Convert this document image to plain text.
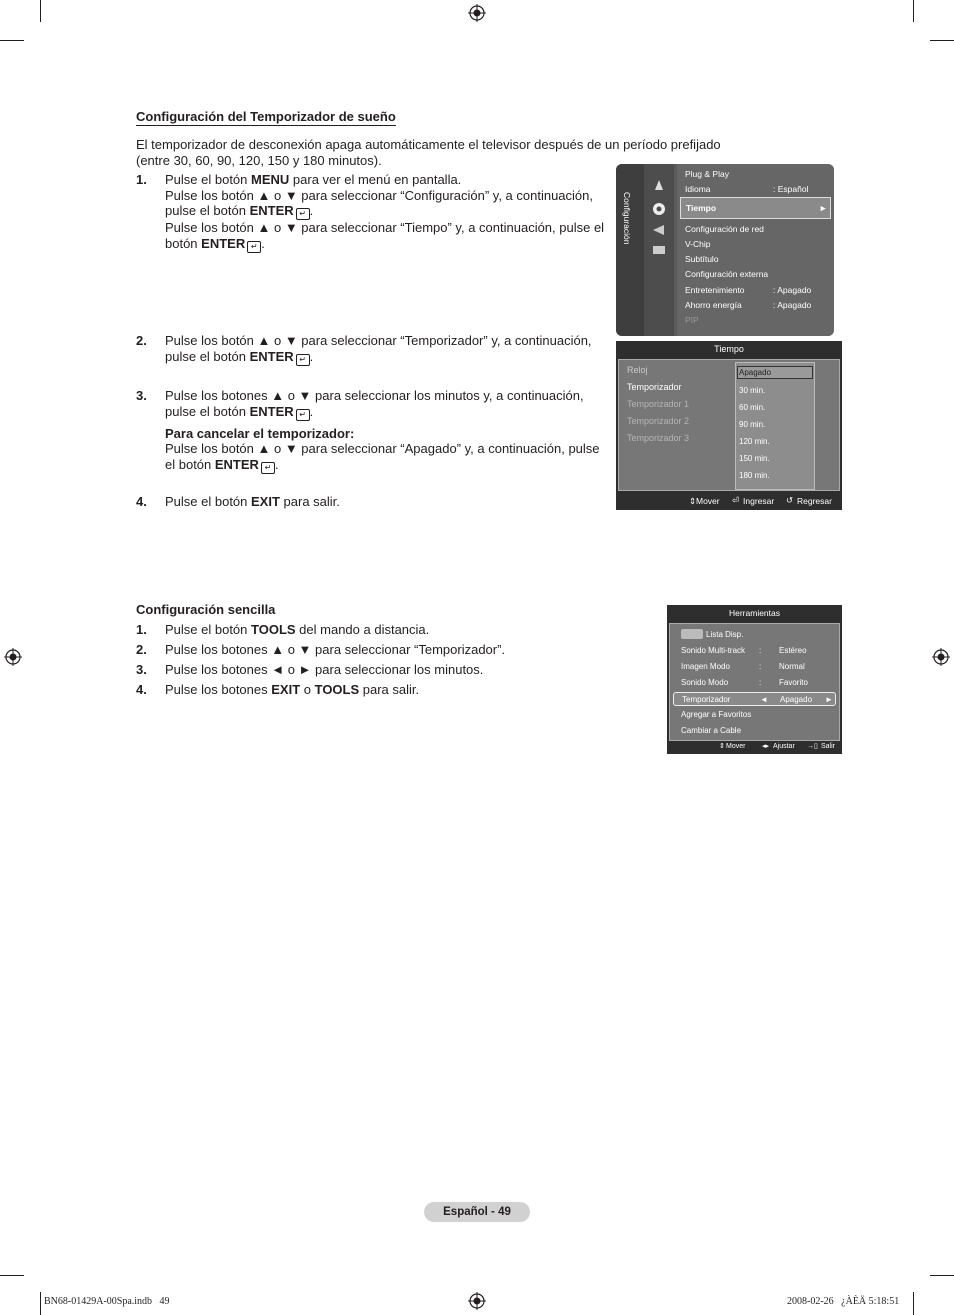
Configuración del Temporizador de sueño
El temporizador de desconexión apaga automáticamente el televisor después de un período prefijado
(entre 30, 60, 90, 120, 150 y 180 minutos).
1. Pulse el botón MENU para ver el menú en pantalla.
Pulse los botón ▲ o ▼ para seleccionar “Configuración” y, a continuación,
pulse el botón ENTER ↵ .
Pulse los botón ▲ o ▼ para seleccionar “Tiempo” y, a continuación, pulse el
botón ENTER ↵ .
2. Pulse los botón ▲ o ▼ para seleccionar “Temporizador” y, a continuación,
pulse el botón ENTER ↵ .
3. Pulse los botones ▲ o ▼ para seleccionar los minutos y, a continuación,
pulse el botón ENTER ↵ .
Para cancelar el temporizador:
Pulse los botón ▲ o ▼ para seleccionar “Apagado” y, a continuación, pulse
el botón ENTER ↵ .
4. Pulse el botón EXIT para salir.
Configuración
Plug & Play
Idioma	: Español
Tiempo	►
Configuración de red
V-Chip
Subtítulo
Configuración externa
Entretenimiento	: Apagado
Ahorro energía	: Apagado
PIP
Tiempo
Reloj
Temporizador
Temporizador 1
Temporizador 2
Temporizador 3
Apagado
30 min.
60 min.
90 min.
120 min.
150 min.
180 min.
⇕ Mover ⏎ Ingresar ↺ Regresar
Configuración sencilla
1. Pulse el botón TOOLS del mando a distancia.
2. Pulse los botones ▲ o ▼ para seleccionar “Temporizador”.
3. Pulse los botones ◄ o ► para seleccionar los minutos.
4. Pulse los botones EXIT o TOOLS para salir.
Herramientas
Lista Disp.
Sonido Multi-track : Estéreo
Imagen Modo	: Normal
Sonido Modo	: Favorito
Temporizador	◄ Apagado ►
Agregar a Favoritos
Cambiar a Cable
⇕ Mover ◂▸ Ajustar →▯ Salir
Español - 49
BN68-01429A-00Spa.indb   49	2008-02-26   ¿ÀÈÄ 5:18:51
